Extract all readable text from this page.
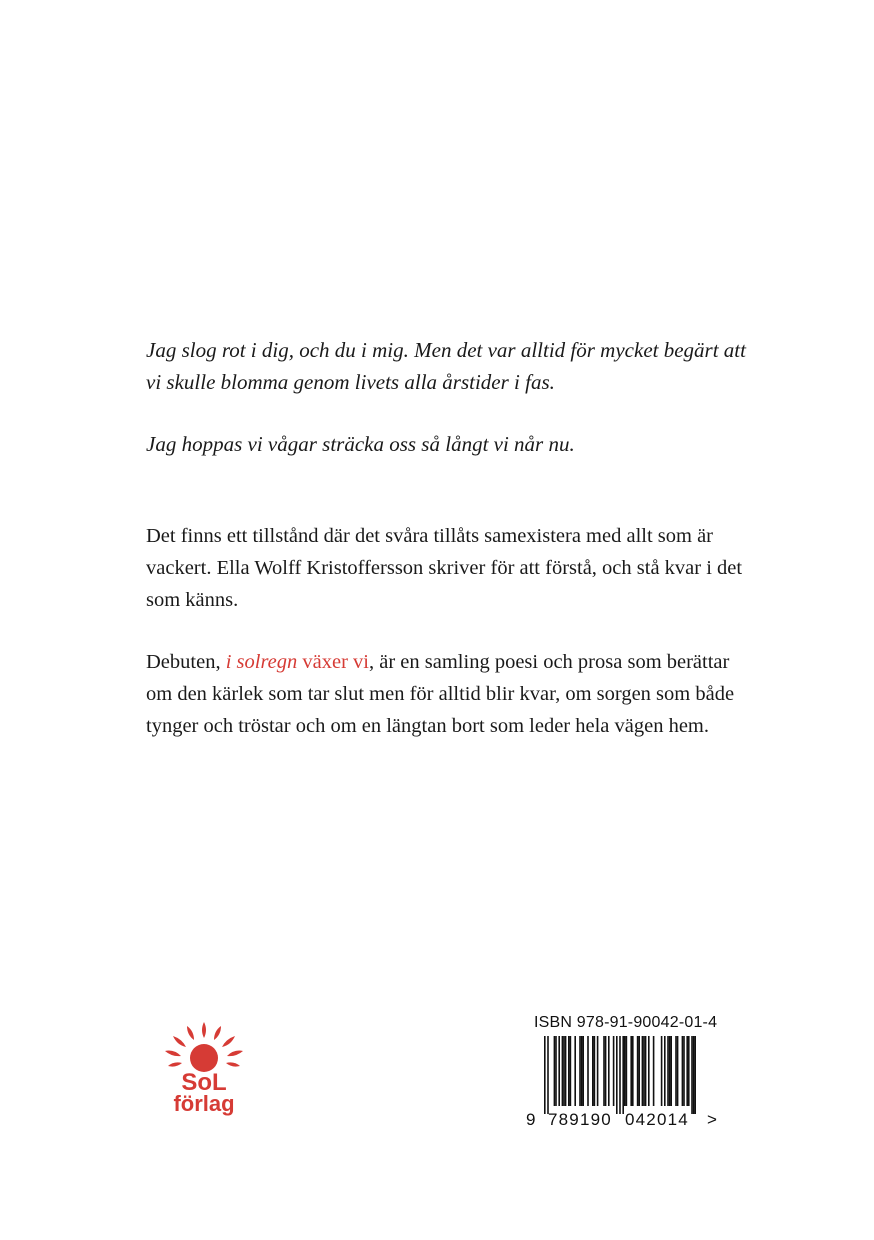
Jag slog rot i dig, och du i mig. Men det var alltid för mycket begärt att vi skulle blomma genom livets alla årstider i fas.

Jag hoppas vi vågar sträcka oss så långt vi når nu.

Det finns ett tillstånd där det svåra tillåts samexistera med allt som är vackert. Ella Wolff Kristoffersson skriver för att förstå, och stå kvar i det som känns.

Debuten, i solregn växer vi, är en samling poesi och prosa som berättar om den kärlek som tar slut men för alltid blir kvar, om sorgen som både tynger och tröstar och om en längtan bort som leder hela vägen hem.

SoL
förlag
ISBN 978-91-90042-01-4
9 789190 042014 >
